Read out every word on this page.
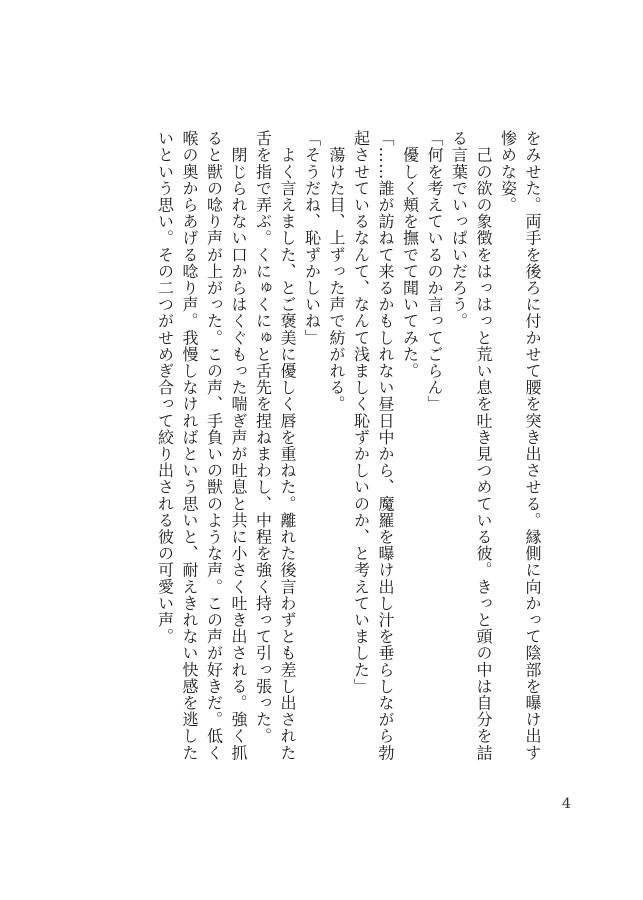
をみせた。両手を後ろに付かせて腰を突き出させる。縁側に向かって陰部を曝け出す

惨めな姿。

　己の欲の象徴をはっはっと荒い息を吐き見つめている彼。きっと頭の中は自分を詰

る言葉でいっぱいだろう。

「何を考えているのか言ってごらん」

　優しく頬を撫でて聞いてみた。

「……誰が訪ねて来るかもしれない昼日中から、魔羅を曝け出し汁を垂らしながら勃

起させているなんて、なんて浅ましく恥ずかしいのか、と考えていました」

　蕩けた目、上ずった声で紡がれる。

「そうだね、恥ずかしいね」

　よく言えました、とご褒美に優しく唇を重ねた。離れた後言わずとも差し出された

舌を指で弄ぶ。くにゅくにゅと舌先を捏ねまわし、中程を強く持って引っ張った。

　閉じられない口からはくぐもった喘ぎ声が吐息と共に小さく吐き出される。強く抓

ると獣の唸り声が上がった。この声、手負いの獣のような声。この声が好きだ。低く

喉の奥からあげる唸り声。我慢しなければという思いと、耐えきれない快感を逃した

いという思い。その二つがせめぎ合って絞り出される彼の可愛い声。

4
